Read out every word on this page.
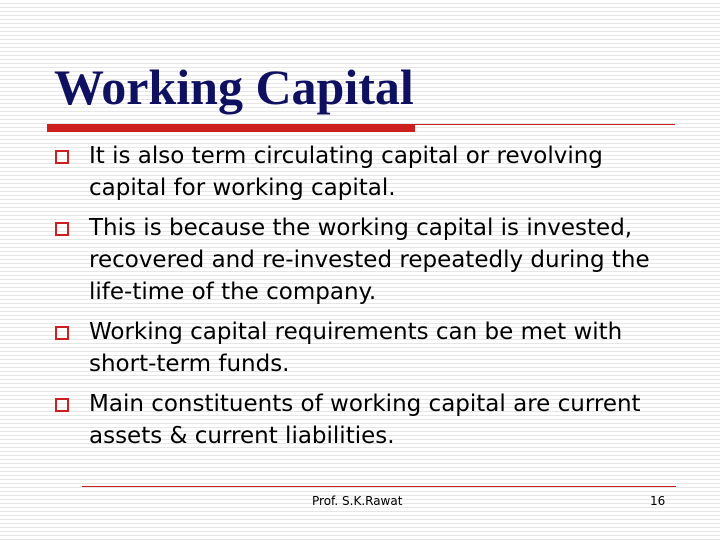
Working Capital
It is also term circulating capital or revolving capital for working capital.
This is because the working capital is invested, recovered and re-invested repeatedly during the life-time of the company.
Working capital requirements can be met with short-term funds.
Main constituents of working capital are current assets & current liabilities.
Prof. S.K.Rawat	16
